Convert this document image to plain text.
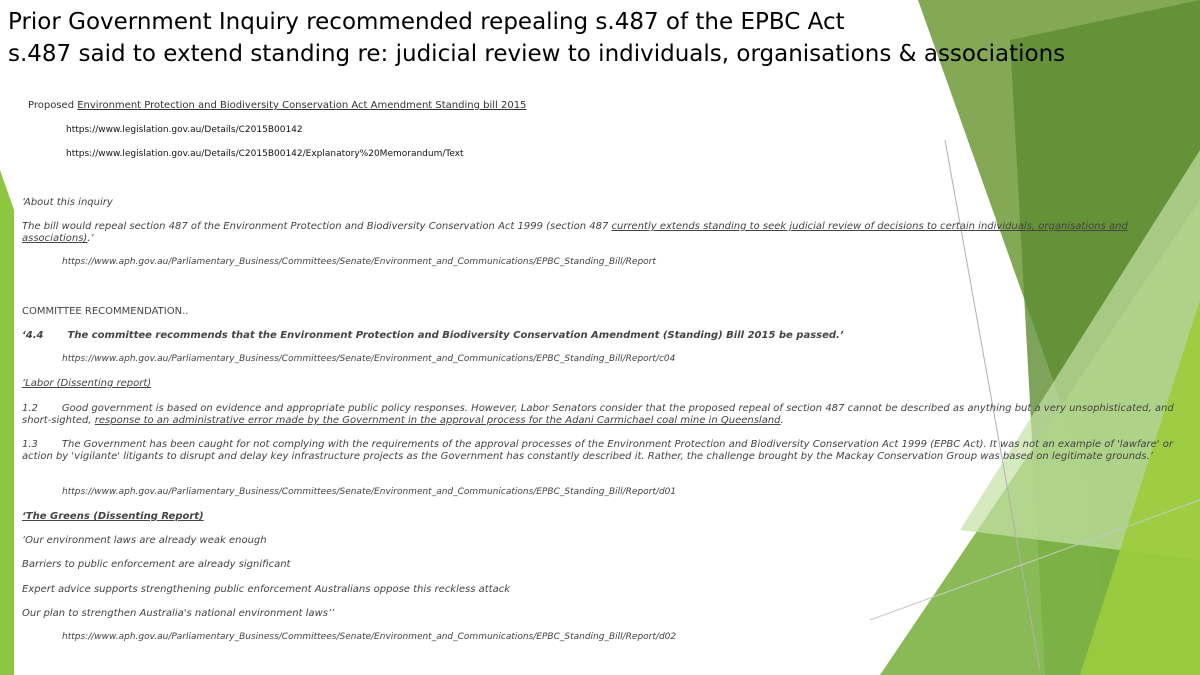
Prior Government Inquiry recommended repealing s.487 of the EPBC Act
s.487 said to extend standing re: judicial review to individuals, organisations & associations
Proposed Environment Protection and Biodiversity Conservation Act Amendment Standing bill 2015
https://www.legislation.gov.au/Details/C2015B00142
https://www.legislation.gov.au/Details/C2015B00142/Explanatory%20Memorandum/Text
‘About this inquiry
The bill would repeal section 487 of the Environment Protection and Biodiversity Conservation Act 1999 (section 487 currently extends standing to seek judicial review of decisions to certain individuals, organisations and associations).’
https://www.aph.gov.au/Parliamentary_Business/Committees/Senate/Environment_and_Communications/EPBC_Standing_Bill/Report
COMMITTEE RECOMMENDATION..
‘4.4 The committee recommends that the Environment Protection and Biodiversity Conservation Amendment (Standing) Bill 2015 be passed.’
https://www.aph.gov.au/Parliamentary_Business/Committees/Senate/Environment_and_Communications/EPBC_Standing_Bill/Report/c04
‘Labor (Dissenting report)
1.2 Good government is based on evidence and appropriate public policy responses. However, Labor Senators consider that the proposed repeal of section 487 cannot be described as anything but a very unsophisticated, and short-sighted, response to an administrative error made by the Government in the approval process for the Adani Carmichael coal mine in Queensland.
1.3 The Government has been caught for not complying with the requirements of the approval processes of the Environment Protection and Biodiversity Conservation Act 1999 (EPBC Act). It was not an example of 'lawfare' or action by 'vigilante' litigants to disrupt and delay key infrastructure projects as the Government has constantly described it. Rather, the challenge brought by the Mackay Conservation Group was based on legitimate grounds.’
https://www.aph.gov.au/Parliamentary_Business/Committees/Senate/Environment_and_Communications/EPBC_Standing_Bill/Report/d01
‘The Greens (Dissenting Report)
‘Our environment laws are already weak enough
Barriers to public enforcement are already significant
Expert advice supports strengthening public enforcement Australians oppose this reckless attack
Our plan to strengthen Australia's national environment laws’’
https://www.aph.gov.au/Parliamentary_Business/Committees/Senate/Environment_and_Communications/EPBC_Standing_Bill/Report/d02
